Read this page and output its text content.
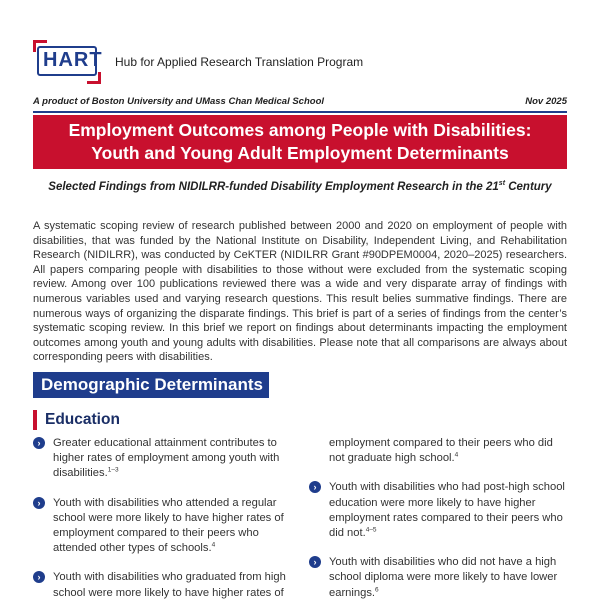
HART Hub for Applied Research Translation Program
A product of Boston University and UMass Chan Medical School	Nov 2025
Employment Outcomes among People with Disabilities:
Youth and Young Adult Employment Determinants
Selected Findings from NIDILRR-funded Disability Employment Research in the 21st Century

A systematic scoping review of research published between 2000 and 2020 on employment of people with disabilities, that was funded by the National Institute on Disability, Independent Living, and Rehabilitation Research (NIDILRR), was conducted by CeKTER (NIDILRR Grant #90DPEM0004, 2020–2025) researchers. All papers comparing people with disabilities to those without were excluded from the systematic scoping review. Among over 100 publications reviewed there was a wide and very disparate array of findings with numerous variables used and varying research questions. This result belies summative findings. There are numerous ways of organizing the disparate findings. This brief is part of a series of findings from the center’s systematic scoping review. In this brief we report on findings about determinants impacting the employment outcomes among youth and young adults with disabilities. Please note that all comparisons are always about corresponding peers with disabilities.

Demographic Determinants
Education
›	Greater educational attainment contributes to higher rates of employment among youth with disabilities.$^{1-3}$
›	Youth with disabilities who attended a regular school were more likely to have higher rates of employment compared to their peers who attended other types of schools.$^4$
›	Youth with disabilities who graduated from high school were more likely to have higher rates of
employment compared to their peers who did not graduate high school.$^4$
›	Youth with disabilities who had post-high school education were more likely to have higher employment rates compared to their peers who did not.$^{4-5}$
›	Youth with disabilities who did not have a high school diploma were more likely to have lower earnings.$^6$
